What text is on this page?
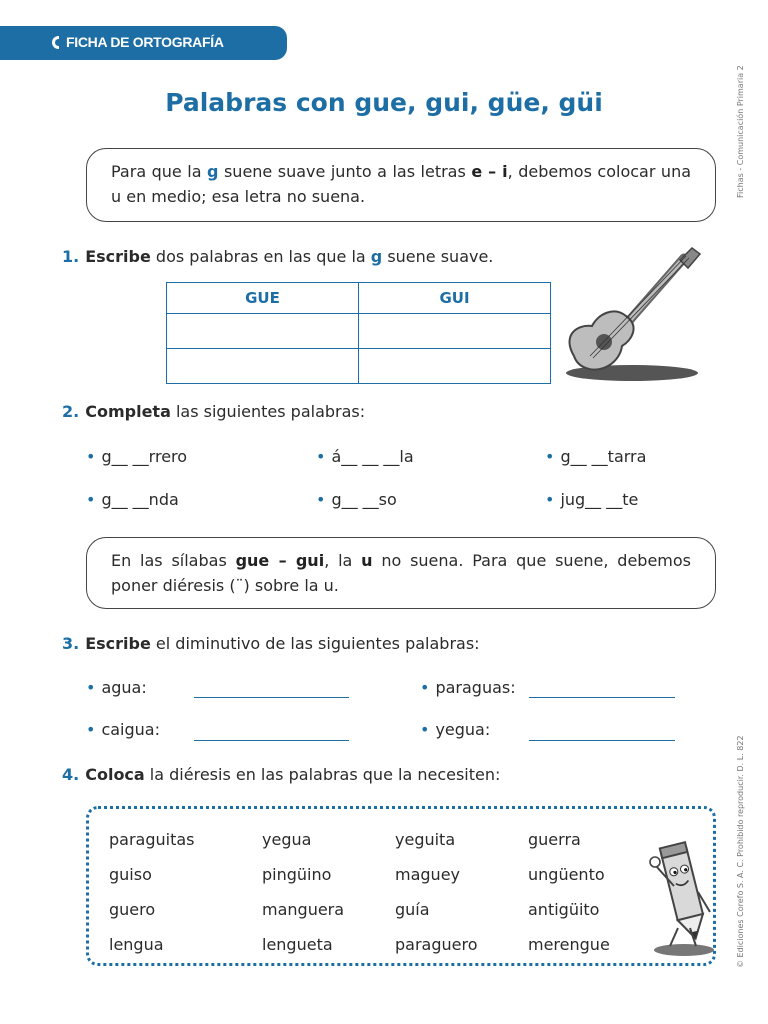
FICHA DE ORTOGRAFÍA
Fichas - Comunicación Primaria 2
© Ediciones Corefo S. A. C. Prohibido reproducir. D. L. 822
Palabras con gue, gui, güe, güi
Para que la g suene suave junto a las letras e – i, debemos colocar una u en medio; esa letra no suena.
1. Escribe dos palabras en las que la g suene suave.
GUE	GUI

2. Completa las siguientes palabras:
• g__ __rrero	• á__ __ __la	• g__ __tarra
• g__ __nda	• g__ __so	• jug__ __te
En las sílabas gue – gui, la u no suena. Para que suene, debemos poner diéresis (¨) sobre la u.
3. Escribe el diminutivo de las siguientes palabras:
• agua:	• paraguas:
• caigua:	• yegua:
4. Coloca la diéresis en las palabras que la necesiten:
paraguitas	yegua	yeguita	guerra
guiso	pingüino	maguey	ungüento
guero	manguera	guía	antigüito
lengua	lengueta	paraguero	merengue
